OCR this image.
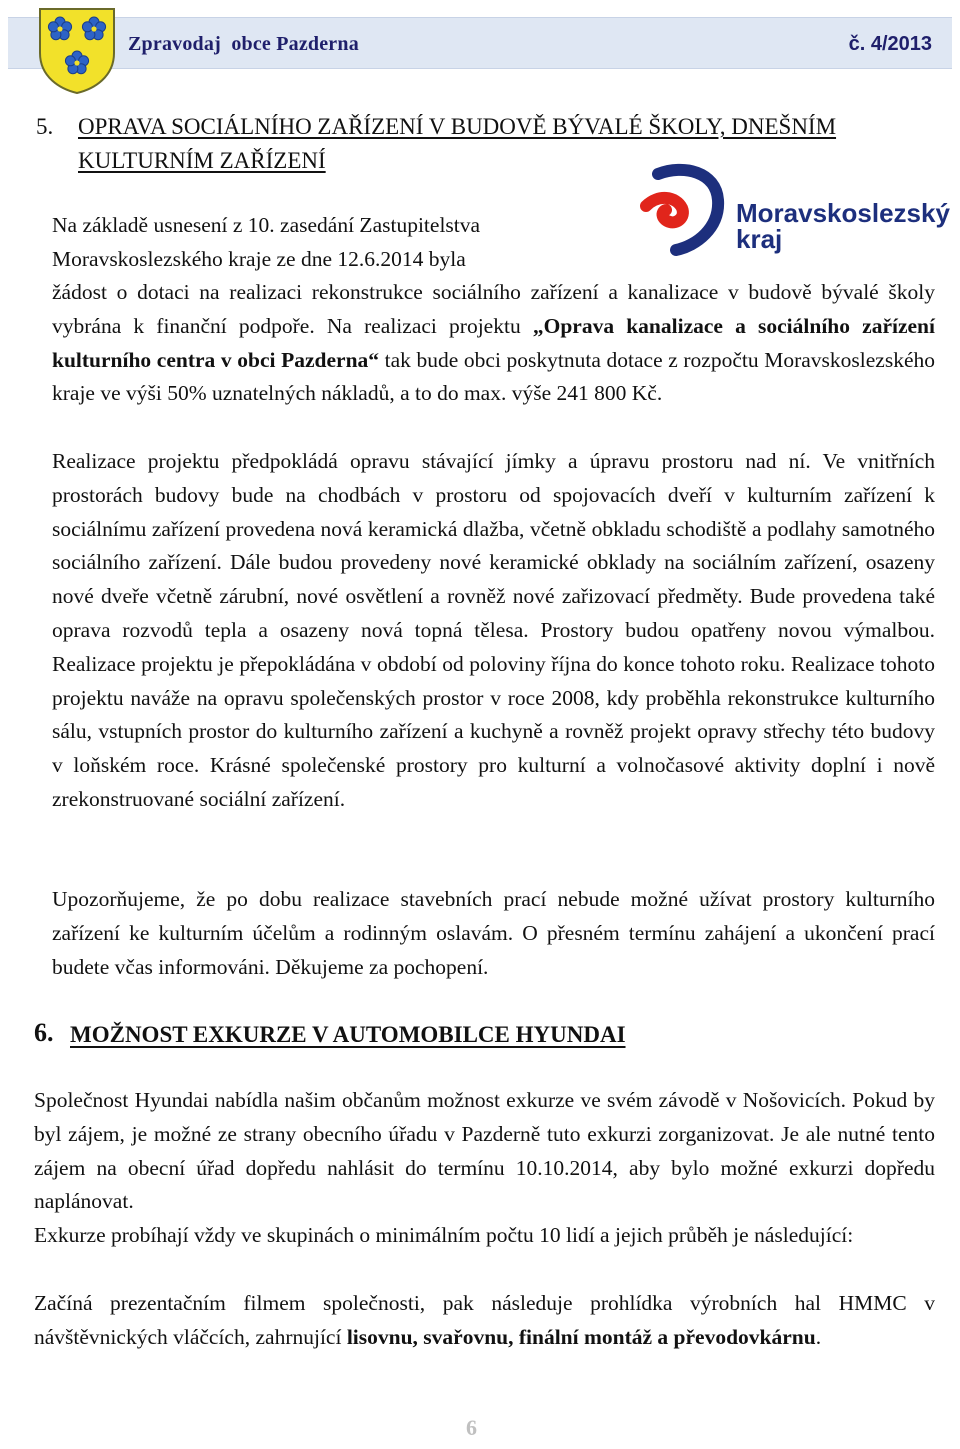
Zpravodaj  obce Pazderna	č. 4/2013
5. OPRAVA SOCIÁLNÍHO ZAŘÍZENÍ V BUDOVĚ BÝVALÉ ŠKOLY, DNEŠNÍM
KULTURNÍM ZAŘÍZENÍ
Moravskoslezský
kraj
Na základě usnesení z 10. zasedání Zastupitelstva
Moravskoslezského kraje ze dne 12.6.2014 byla
žádost o dotaci na realizaci rekonstrukce sociálního zařízení a kanalizace v budově bývalé školy vybrána k finanční podpoře. Na realizaci projektu „Oprava kanalizace a sociálního zařízení kulturního centra v obci Pazderna“ tak bude obci poskytnuta dotace z rozpočtu Moravskoslezského kraje ve výši 50% uznatelných nákladů, a to do max. výše 241 800 Kč.
Realizace projektu předpokládá opravu stávající jímky a úpravu prostoru nad ní. Ve vnitřních prostorách budovy bude na chodbách v prostoru od spojovacích dveří v kulturním zařízení k sociálnímu zařízení provedena nová keramická dlažba, včetně obkladu schodiště a podlahy samotného sociálního zařízení. Dále budou provedeny nové keramické obklady na sociálním zařízení, osazeny nové dveře včetně zárubní, nové osvětlení a rovněž nové zařizovací předměty. Bude provedena také oprava rozvodů tepla a osazeny nová topná tělesa. Prostory budou opatřeny novou výmalbou. Realizace projektu je přepokládána v období od poloviny října do konce tohoto roku. Realizace tohoto projektu naváže na opravu společenských prostor v roce 2008, kdy proběhla rekonstrukce kulturního sálu, vstupních prostor do kulturního zařízení a kuchyně a rovněž projekt opravy střechy této budovy v loňském roce. Krásné společenské prostory pro kulturní a volnočasové aktivity doplní i nově zrekonstruované sociální zařízení.
Upozorňujeme, že po dobu realizace stavebních prací nebude možné užívat prostory kulturního zařízení ke kulturním účelům a rodinným oslavám. O přesném termínu zahájení a ukončení prací budete včas informováni. Děkujeme za pochopení.
6. MOŽNOST EXKURZE V AUTOMOBILCE HYUNDAI
Společnost Hyundai nabídla našim občanům možnost exkurze ve svém závodě v Nošovicích. Pokud by byl zájem, je možné ze strany obecního úřadu v Pazderně tuto exkurzi zorganizovat. Je ale nutné tento zájem na obecní úřad dopředu nahlásit do termínu 10.10.2014, aby bylo možné exkurzi dopředu naplánovat.
Exkurze probíhají vždy ve skupinách o minimálním počtu 10 lidí a jejich průběh je následující:
Začíná prezentačním filmem společnosti, pak následuje prohlídka výrobních hal HMMC v návštěvnických vláčcích, zahrnující lisovnu, svařovnu, finální montáž a převodovkárnu.
6
